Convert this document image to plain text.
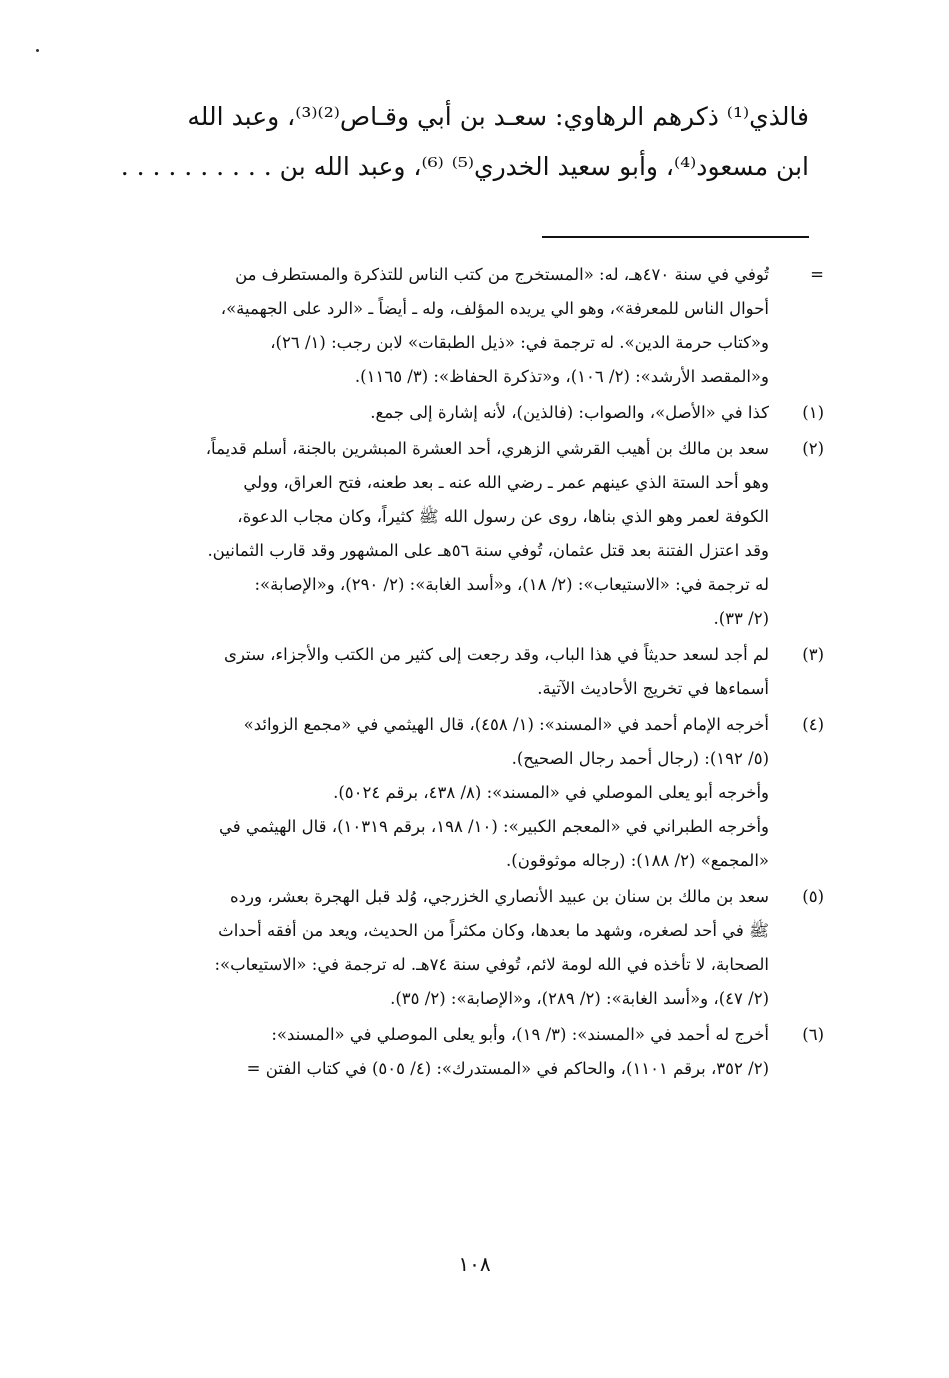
فالذي⁽¹⁾ ذكرهم الرهاوي: سعـد بن أبي وقـاص⁽²⁾⁽³⁾، وعبد الله

ابن مسعود⁽⁴⁾، وأبو سعيد الخدري⁽⁵⁾ ⁽⁶⁾، وعبد الله بن . . . . . . . . . .

=

تُوفي في سنة ٤٧٠هـ، له: «المستخرج من كتب الناس للتذكرة والمستطرف من

أحوال الناس للمعرفة»، وهو الي يريده المؤلف، وله ـ أيضاً ـ «الرد على الجهمية»،

و«كتاب حرمة الدين». له ترجمة في: «ذيل الطبقات» لابن رجب: (١/ ٢٦)،

و«المقصد الأرشد»: (٢/ ١٠٦)، و«تذكرة الحفاظ»: (٣/ ١١٦٥).

(١)

كذا في «الأصل»، والصواب: (فالذين)، لأنه إشارة إلى جمع.

(٢)

سعد بن مالك بن أهيب القرشي الزهري، أحد العشرة المبشرين بالجنة، أسلم قديماً،

وهو أحد الستة الذي عينهم عمر ـ رضي الله عنه ـ بعد طعنه، فتح العراق، وولي

الكوفة لعمر وهو الذي بناها، روى عن رسول الله ﷺ كثيراً، وكان مجاب الدعوة،

وقد اعتزل الفتنة بعد قتل عثمان، تُوفي سنة ٥٦هـ على المشهور وقد قارب الثمانين.

له ترجمة في: «الاستيعاب»: (٢/ ١٨)، و«أسد الغابة»: (٢/ ٢٩٠)، و«الإصابة»:

(٢/ ٣٣).

(٣)

لم أجد لسعد حديثاً في هذا الباب، وقد رجعت إلى كثير من الكتب والأجزاء، سترى

أسماءها في تخريج الأحاديث الآتية.

(٤)

أخرجه الإمام أحمد في «المسند»: (١/ ٤٥٨)، قال الهيثمي في «مجمع الزوائد»

(٥/ ١٩٢): (رجال أحمد رجال الصحيح).

وأخرجه أبو يعلى الموصلي في «المسند»: (٨/ ٤٣٨، برقم ٥٠٢٤).

وأخرجه الطبراني في «المعجم الكبير»: (١٠/ ١٩٨، برقم ١٠٣١٩)، قال الهيثمي في

«المجمع» (٢/ ١٨٨): (رجاله موثوقون).

(٥)

سعد بن مالك بن سنان بن عبيد الأنصاري الخزرجي، وُلد قبل الهجرة بعشر، ورده

ﷺ في أحد لصغره، وشهد ما بعدها، وكان مكثراً من الحديث، ويعد من أفقه أحداث

الصحابة، لا تأخذه في الله لومة لائم، تُوفي سنة ٧٤هـ. له ترجمة في: «الاستيعاب»:

(٢/ ٤٧)، و«أسد الغابة»: (٢/ ٢٨٩)، و«الإصابة»: (٢/ ٣٥).

(٦)

أخرج له أحمد في «المسند»: (٣/ ١٩)، وأبو يعلى الموصلي في «المسند»:

(٢/ ٣٥٢، برقم ١١٠١)، والحاكم في «المستدرك»: (٤/ ٥٠٥) في كتاب الفتن =

١٠٨
